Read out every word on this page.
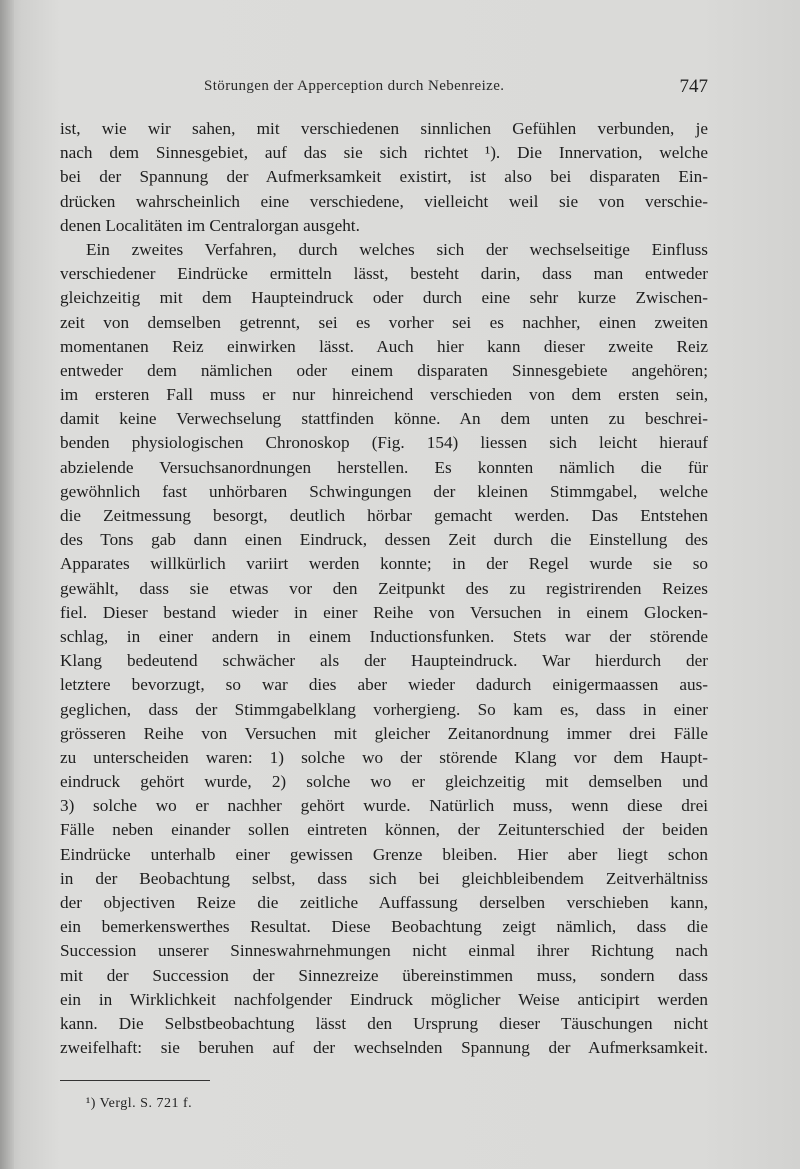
Störungen der Apperception durch Nebenreize.	747
ist, wie wir sahen, mit verschiedenen sinnlichen Gefühlen verbunden, je
nach dem Sinnesgebiet, auf das sie sich richtet ¹). Die Innervation, welche
bei der Spannung der Aufmerksamkeit existirt, ist also bei disparaten Ein-
drücken wahrscheinlich eine verschiedene, vielleicht weil sie von verschie-
denen Localitäten im Centralorgan ausgeht.
Ein zweites Verfahren, durch welches sich der wechselseitige Einfluss
verschiedener Eindrücke ermitteln lässt, besteht darin, dass man entweder
gleichzeitig mit dem Haupteindruck oder durch eine sehr kurze Zwischen-
zeit von demselben getrennt, sei es vorher sei es nachher, einen zweiten
momentanen Reiz einwirken lässt. Auch hier kann dieser zweite Reiz
entweder dem nämlichen oder einem disparaten Sinnesgebiete angehören;
im ersteren Fall muss er nur hinreichend verschieden von dem ersten sein,
damit keine Verwechselung stattfinden könne. An dem unten zu beschrei-
benden physiologischen Chronoskop (Fig. 154) liessen sich leicht hierauf
abzielende Versuchsanordnungen herstellen. Es konnten nämlich die für
gewöhnlich fast unhörbaren Schwingungen der kleinen Stimmgabel, welche
die Zeitmessung besorgt, deutlich hörbar gemacht werden. Das Entstehen
des Tons gab dann einen Eindruck, dessen Zeit durch die Einstellung des
Apparates willkürlich variirt werden konnte; in der Regel wurde sie so
gewählt, dass sie etwas vor den Zeitpunkt des zu registrirenden Reizes
fiel. Dieser bestand wieder in einer Reihe von Versuchen in einem Glocken-
schlag, in einer andern in einem Inductionsfunken. Stets war der störende
Klang bedeutend schwächer als der Haupteindruck. War hierdurch der
letztere bevorzugt, so war dies aber wieder dadurch einigermaassen aus-
geglichen, dass der Stimmgabelklang vorhergieng. So kam es, dass in einer
grösseren Reihe von Versuchen mit gleicher Zeitanordnung immer drei Fälle
zu unterscheiden waren: 1) solche wo der störende Klang vor dem Haupt-
eindruck gehört wurde, 2) solche wo er gleichzeitig mit demselben und
3) solche wo er nachher gehört wurde. Natürlich muss, wenn diese drei
Fälle neben einander sollen eintreten können, der Zeitunterschied der beiden
Eindrücke unterhalb einer gewissen Grenze bleiben. Hier aber liegt schon
in der Beobachtung selbst, dass sich bei gleichbleibendem Zeitverhältniss
der objectiven Reize die zeitliche Auffassung derselben verschieben kann,
ein bemerkenswerthes Resultat. Diese Beobachtung zeigt nämlich, dass die
Succession unserer Sinneswahrnehmungen nicht einmal ihrer Richtung nach
mit der Succession der Sinnezreize übereinstimmen muss, sondern dass
ein in Wirklichkeit nachfolgender Eindruck möglicher Weise anticipirt werden
kann. Die Selbstbeobachtung lässt den Ursprung dieser Täuschungen nicht
zweifelhaft: sie beruhen auf der wechselnden Spannung der Aufmerksamkeit.
¹) Vergl. S. 721 f.
